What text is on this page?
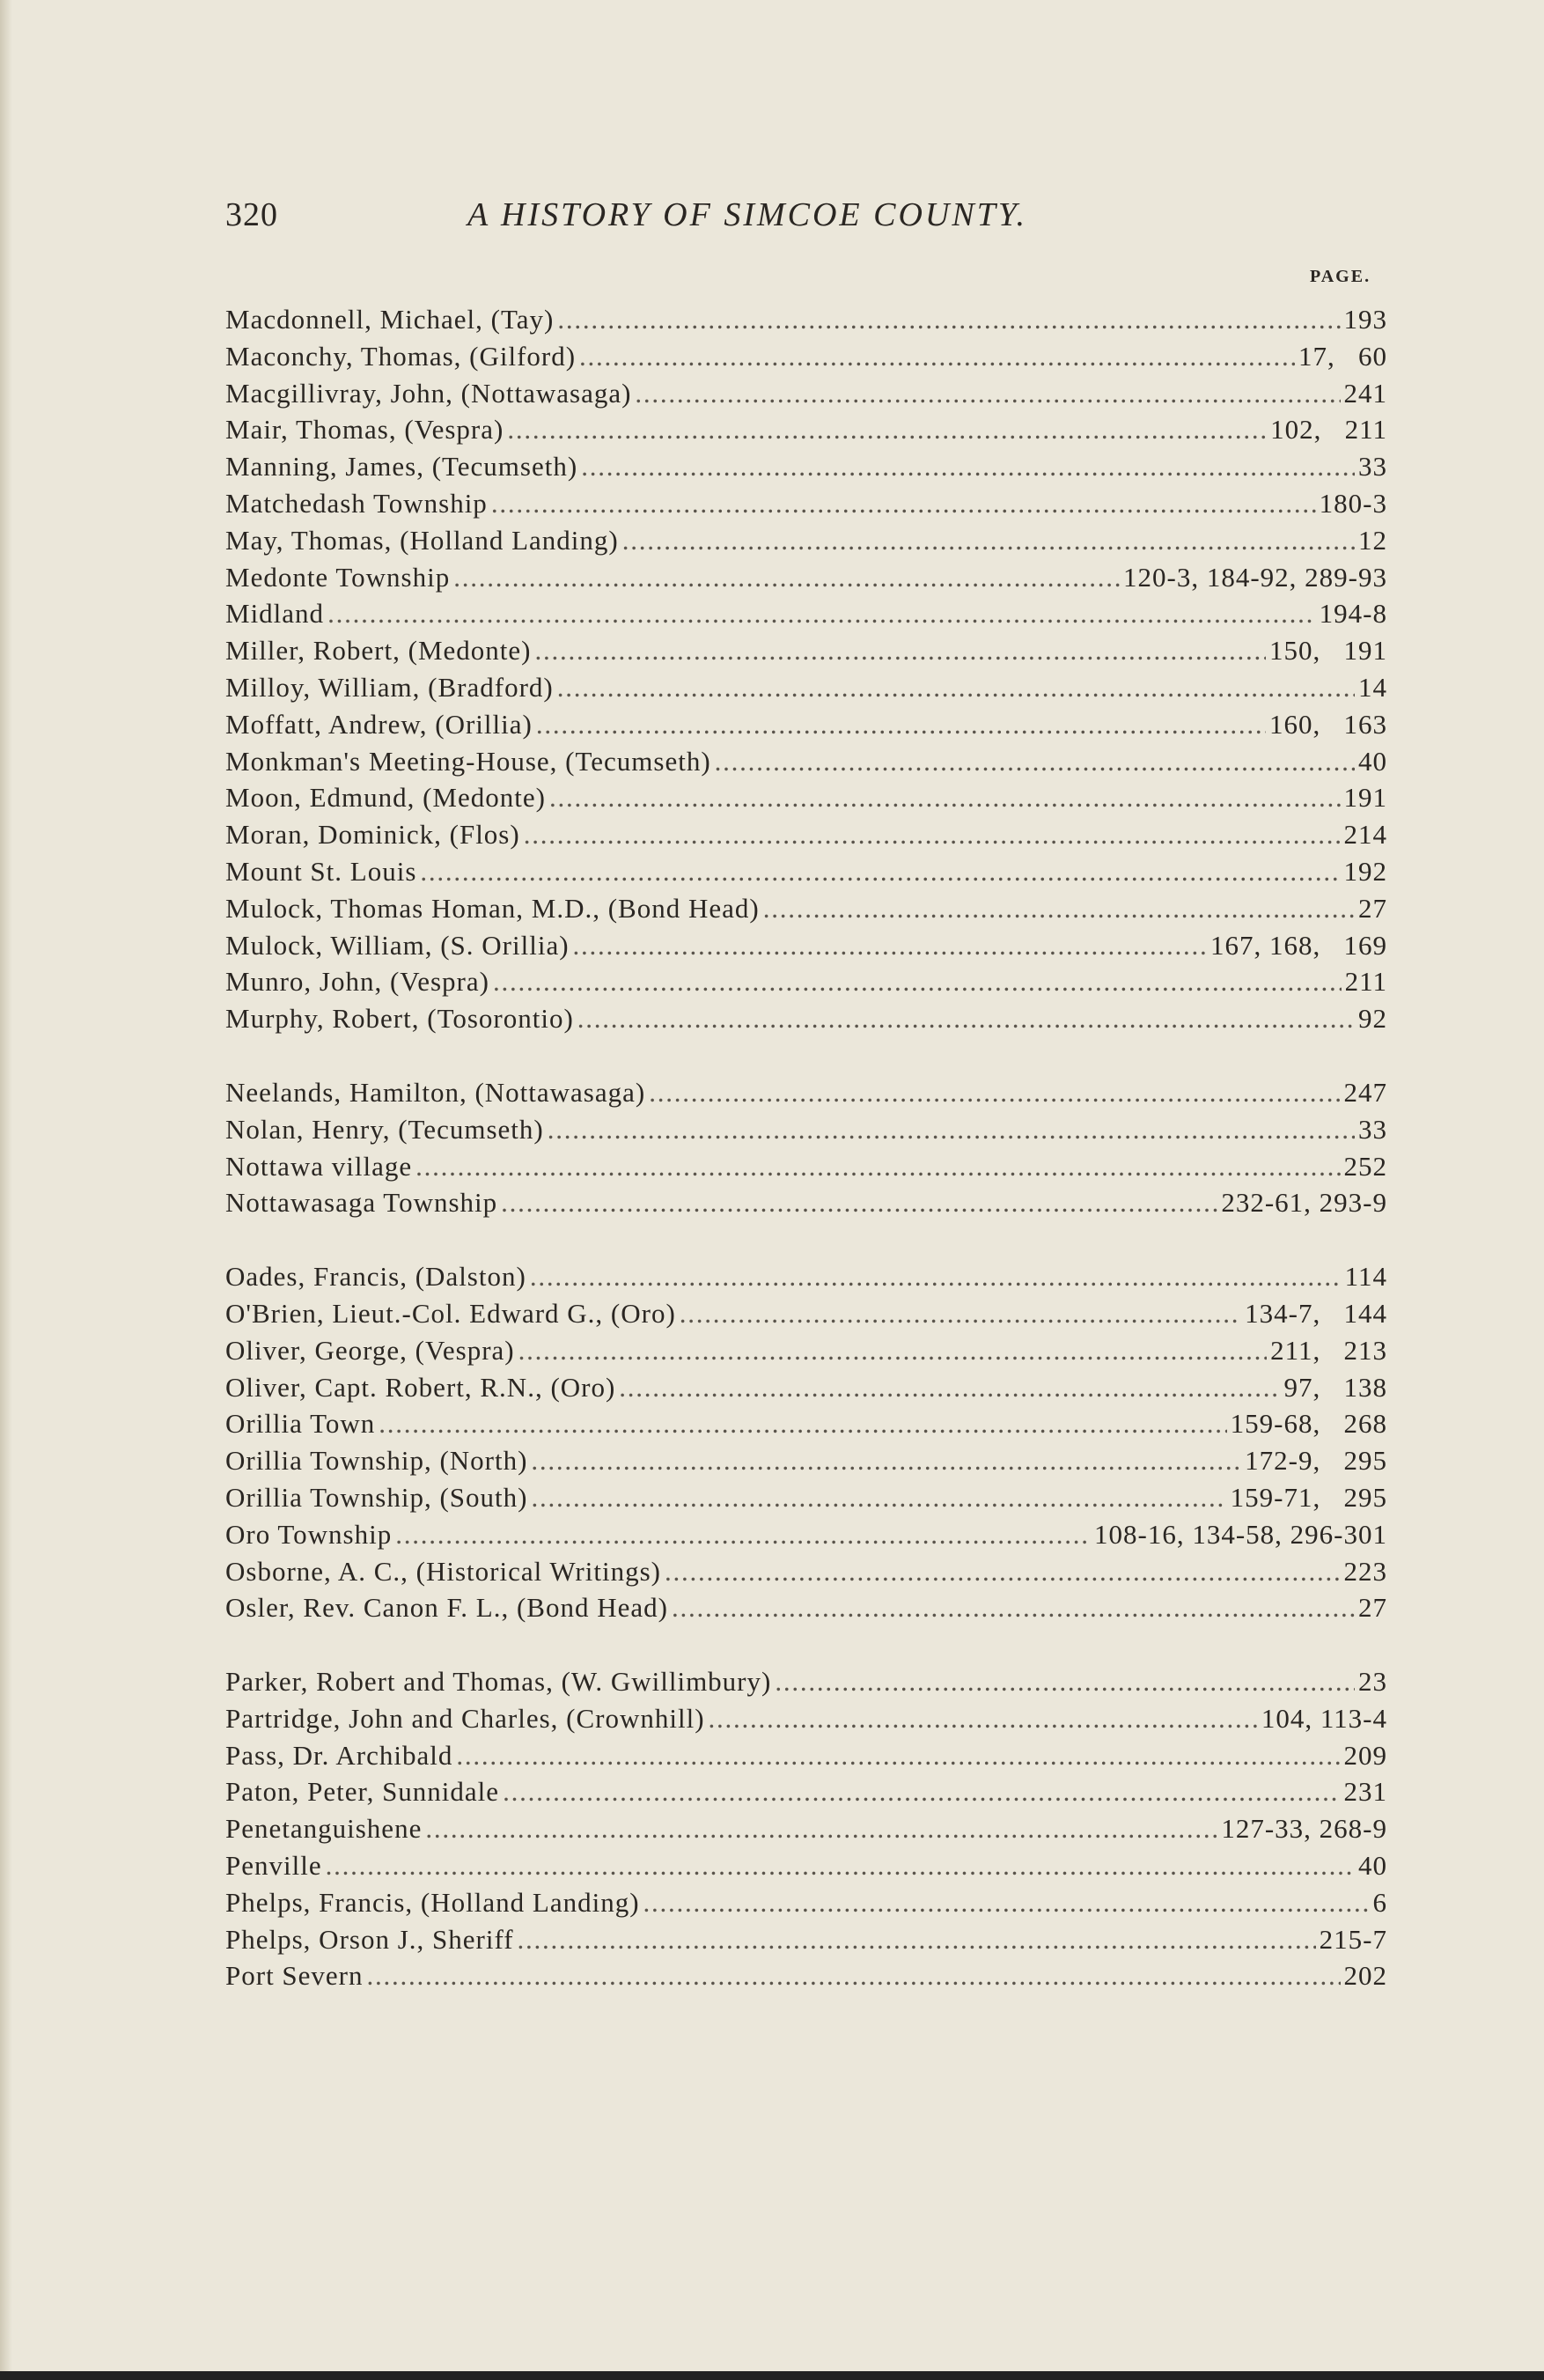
320	A HISTORY OF SIMCOE COUNTY.
PAGE.
Macdonnell, Michael, (Tay) . . .	193
Maconchy, Thomas, (Gilford) . . .	17,   60
Macgillivray, John, (Nottawasaga) . . .	241
Mair, Thomas, (Vespra) . . .	102,   211
Manning, James, (Tecumseth) . . .	33
Matchedash Township . . .	180-3
May, Thomas, (Holland Landing) . . .	12
Medonte Township . . .	120-3, 184-92, 289-93
Midland . . .	194-8
Miller, Robert, (Medonte) . . .	150,   191
Milloy, William, (Bradford) . . .	14
Moffatt, Andrew, (Orillia) . . .	160,   163
Monkman's Meeting-House, (Tecumseth) . . .	40
Moon, Edmund, (Medonte) . . .	191
Moran, Dominick, (Flos) . . .	214
Mount St. Louis . . .	192
Mulock, Thomas Homan, M.D., (Bond Head) . . .	27
Mulock, William, (S. Orillia) . . .	167, 168,   169
Munro, John, (Vespra) . . .	211
Murphy, Robert, (Tosorontio) . . .	92
Neelands, Hamilton, (Nottawasaga) . . .	247
Nolan, Henry, (Tecumseth) . . .	33
Nottawa village . . .	252
Nottawasaga Township . . .	232-61, 293-9
Oades, Francis, (Dalston) . . .	114
O'Brien, Lieut.-Col. Edward G., (Oro) . . .	134-7,   144
Oliver, George, (Vespra) . . .	211,   213
Oliver, Capt. Robert, R.N., (Oro) . . .	97,   138
Orillia Town . . .	159-68,   268
Orillia Township, (North) . . .	172-9,   295
Orillia Township, (South) . . .	159-71,   295
Oro Township . . .	108-16, 134-58, 296-301
Osborne, A. C., (Historical Writings) . . .	223
Osler, Rev. Canon F. L., (Bond Head) . . .	27
Parker, Robert and Thomas, (W. Gwillimbury) . . .	23
Partridge, John and Charles, (Crownhill) . . .	104, 113-4
Pass, Dr. Archibald . . .	209
Paton, Peter, Sunnidale . . .	231
Penetanguishene . . .	127-33, 268-9
Penville . . .	40
Phelps, Francis, (Holland Landing) . . .	6
Phelps, Orson J., Sheriff . . .	215-7
Port Severn . . .	202
